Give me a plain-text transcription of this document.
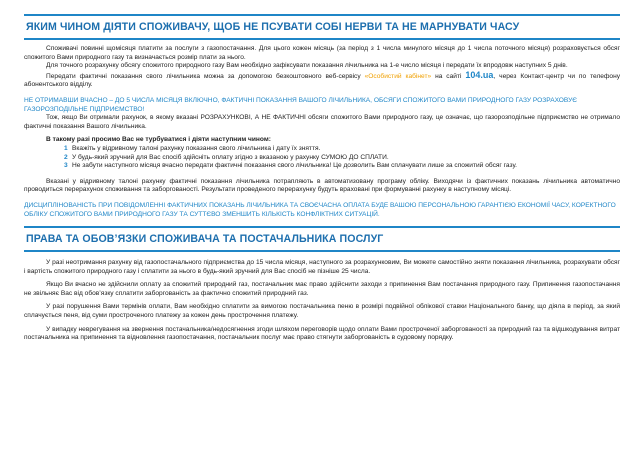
ЯКИМ ЧИНОМ ДІЯТИ СПОЖИВАЧУ, ЩОБ НЕ ПСУВАТИ СОБІ НЕРВИ ТА НЕ МАРНУВАТИ ЧАСУ

Споживачі повинні щомісяця платити за послуги з газопостачання. Для цього кожен місяць (за період з 1 числа минулого місяця до 1 числа поточного місяця) розраховується обсяг спожитого Вами природного газу та визначається розмір плати за нього.

Для точного розрахунку обсягу спожитого природного газу Вам необхідно зафіксувати показання лічильника на 1-е число місяця і передати їх впродовж наступних 5 днів.

Передати фактичні показання свого лічильника можна за допомогою безкоштовного веб-сервісу «Особистий кабінет» на сайті 104.ua, через Контакт-центр чи по телефону абонентського відділу.

НЕ ОТРИМАВШИ ВЧАСНО – ДО 5 ЧИСЛА МІСЯЦЯ ВКЛЮЧНО, ФАКТИЧНІ ПОКАЗАННЯ ВАШОГО ЛІЧИЛЬНИКА, ОБСЯГИ СПОЖИТОГО ВАМИ ПРИРОДНОГО ГАЗУ РОЗРАХОВУЄ ГАЗОРОЗПОДІЛЬНЕ ПІДПРИЄМСТВО!

Тож, якщо Ви отримали рахунок, в якому вказані РОЗРАХУНКОВІ, А НЕ ФАКТИЧНІ обсяги спожитого Вами природного газу, це означає, що газорозподільне підприємство не отримало фактичні показання Вашого лічильника.

В такому разі просимо Вас не турбуватися і діяти наступним чином:

1 Вкажіть у відривному талоні рахунку показання свого лічильника і дату їх зняття.
2 У будь-який зручний для Вас спосіб здійсніть оплату згідно з вказаною у рахунку СУМОЮ ДО СПЛАТИ.
3 Не забути наступного місяця вчасно передати фактичні показання свого лічильника! Це дозволить Вам сплачувати лише за спожитий обсяг газу.

Вказані у відривному талоні рахунку фактичні показання лічильника потрапляють в автоматизовану програму обліку. Виходячи із фактичних показань лічильника автоматично проводиться перерахунок споживання та заборгованості. Результати проведеного перерахунку будуть враховані при формуванні рахунку в наступному місяці.

ДИСЦИПЛІНОВАНІСТЬ ПРИ ПОВІДОМЛЕННІ ФАКТИЧНИХ ПОКАЗАНЬ ЛІЧИЛЬНИКА ТА СВОЄЧАСНА ОПЛАТА БУДЕ ВАШОЮ ПЕРСОНАЛЬНОЮ ГАРАНТІЄЮ ЕКОНОМІЇ ЧАСУ, КОРЕКТНОГО ОБЛІКУ СПОЖИТОГО ВАМИ ПРИРОДНОГО ГАЗУ ТА СУТТЄВО ЗМЕНШИТЬ КІЛЬКІСТЬ КОНФЛІКТНИХ СИТУАЦІЙ.

ПРАВА ТА ОБОВ’ЯЗКИ СПОЖИВАЧА ТА ПОСТАЧАЛЬНИКА ПОСЛУГ

У разі неотримання рахунку від газопостачального підприємства до 15 числа місяця, наступного за розрахунковим, Ви можете самостійно зняти показання лічильника, розрахувати обсяг і вартість спожитого природного газу і сплатити за нього в будь-який зручний для Вас спосіб не пізніше 25 числа.

Якщо Ви вчасно не здійснили оплату за спожитий природний газ, постачальник має право здійснити заходи з припинення Вам постачання природного газу. Припинення газопостачання не звільняє Вас від обов’язку сплатити заборгованість за фактично спожитий природний газ.

У разі порушення Вами термінів оплати, Вам необхідно сплатити за вимогою постачальника пеню в розмірі подвійної облікової ставки Національного банку, що діяла в період, за який сплачується пеня, від суми простроченого платежу за кожен день прострочення платежу.

У випадку неврегування на звернення постачальника/недосягнення згоди шляхом переговорів щодо оплати Вами простроченої заборгованості за природний газ та відшкодування витрат постачальника на припинення та відновлення газопостачання, постачальник послуг має право стягнути заборгованість в судовому порядку.
